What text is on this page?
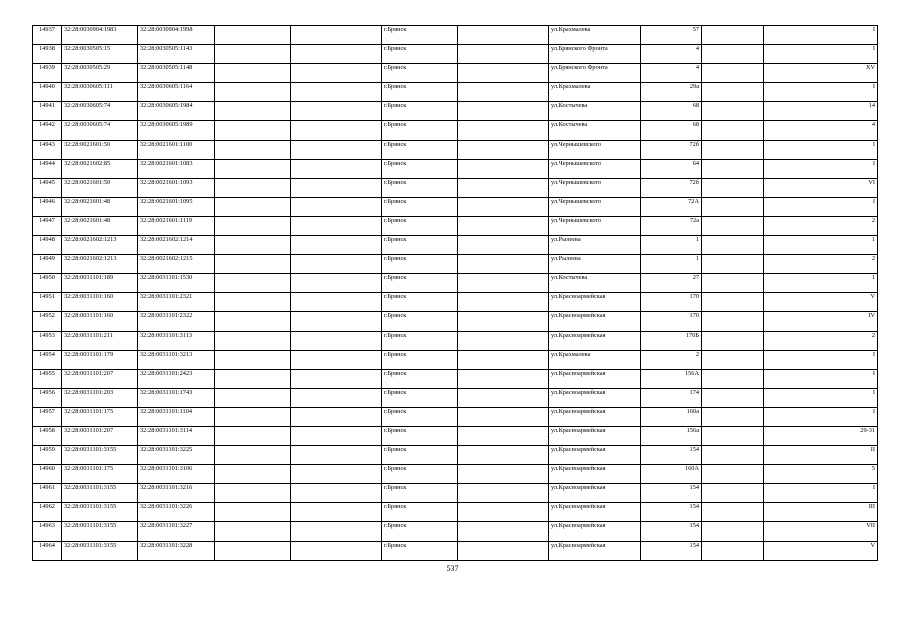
14937	32:28:0030904:1983	32:28:0030904:1998			г.Брянск		ул.Крахмалева	57		I
14938	32:28:0030505:15	32:28:0030505:1143			г.Брянск		ул.Брянского Фронта	4		I
14939	32:28:0030505:29	32:28:0030505:1148			г.Брянск		ул.Брянского Фронта	4		XV
14940	32:28:0030605:111	32:28:0030605:1164			г.Брянск		ул.Крахмалева	29а		I
14941	32:28:0030605:74	32:28:0030605:1984			г.Брянск		ул.Костычева	68		14
14942	32:28:0030605:74	32:28:0030605:1989			г.Брянск		ул.Костычева	68		4
14943	32:28:0021601:50	32:28:0021601:1100			г.Брянск		ул.Чернышевского	72б		I
14944	32:28:0021602:85	32:28:0021601:1083			г.Брянск		ул.Чернышевского	64		I
14945	32:28:0021601:50	32:28:0021601:1093			г.Брянск		ул.Чернышевского	72б		VI
14946	32:28:0021601:48	32:28:0021601:1095			г.Брянск		ул.Чернышевского	72А		I
14947	32:28:0021601:48	32:28:0021601:1119			г.Брянск		ул.Чернышевского	72а		2
14948	32:28:0021602:1213	32:28:0021602:1214			г.Брянск		ул.Рылеева	1		1
14949	32:28:0021602:1213	32:28:0021602:1215			г.Брянск		ул.Рылеева	1		2
14950	32:28:0031101:189	32:28:0031101:1530			г.Брянск		ул.Костычева	27		1
14951	32:28:0031101:160	32:28:0031101:2321			г.Брянск		ул.Красноармейская	170		V
14952	32:28:0031101:160	32:28:0031101:2322			г.Брянск		ул.Красноармейская	170		IV
14953	32:28:0031101:211	32:28:0031101:3113			г.Брянск		ул.Красноармейская	170Б		2
14954	32:28:0031101:179	32:28:0031101:3213			г.Брянск		ул.Крахмалева	2		I
14955	32:28:0031101:207	32:28:0031101:2423			г.Брянск		ул.Красноармейская	156А		I
14956	32:28:0031101:203	32:28:0031101:1743			г.Брянск		ул.Красноармейская	174		I
14957	32:28:0031101:175	32:28:0031101:1104			г.Брянск		ул.Красноармейская	160а		I
14958	32:28:0031101:207	32:28:0031101:3114			г.Брянск		ул.Красноармейская	156а		29-31
14959	32:28:0031101:3155	32:28:0031101:3225			г.Брянск		ул.Красноармейская	154		II
14960	32:28:0031101:175	32:28:0031101:3106			г.Брянск		ул.Красноармейская	160А		5
14961	32:28:0031101:3155	32:28:0031101:3216			г.Брянск		ул.Красноармейская	154		I
14962	32:28:0031101:3155	32:28:0031101:3226			г.Брянск		ул.Красноармейская	154		III
14963	32:28:0031101:3155	32:28:0031101:3227			г.Брянск		ул.Красноармейская	154		VII
14964	32:28:0031101:3155	32:28:0031101:3228			г.Брянск		ул.Красноармейская	154		V
537
